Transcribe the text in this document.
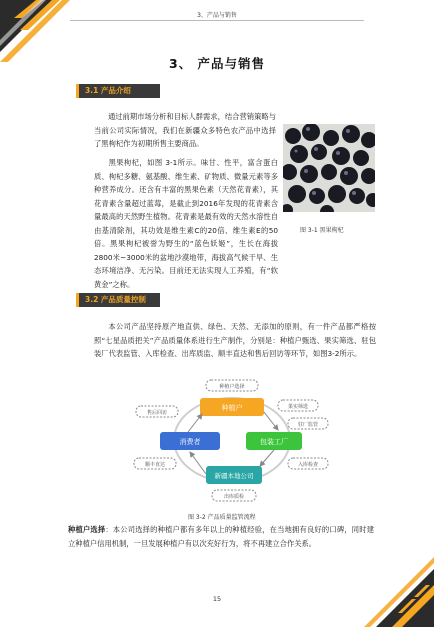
3、产品与销售
3、 产品与销售
3.1 产品介绍
通过前期市场分析和目标人群需求，结合营销策略与当前公司实际情况，我们在新疆众多特色农产品中选择了黑枸杞作为初期所售主要商品。
黑果枸杞，如图 3-1所示。味甘、性平，富含蛋白质、枸杞多糖、氨基酸、维生素、矿物质、微量元素等多种营养成分。还含有丰富的黑果色素（天然花青素），其花青素含量超过蓝莓，是截止到2016年发现的花青素含量最高的天然野生植物。花青素是最有效的天然水溶性自由基清除剂，其功效是维生素C的20倍、维生素E的50倍。黑果枸杞被誉为野生的“蓝色妖姬”，生长在海拔2800米~3000米的盆地沙漠地带，海拔高气候干旱、生态环境洁净、无污染。目前还无法实现人工养殖，有“软黄金”之称。
图 3-1 黑果枸杞
3.2 产品质量控制
本公司产品坚持原产地直供、绿色、天然、无添加的原则，有一件产品都严格按照“七星品质把关”产品质量体系进行生产制作，分别是：种植户甄选、果实筛选、驻包装厂代表监管、入库检查、出库质监、顺丰直达和售后回访等环节，如图3-2所示。
种植户
消费者	包装工厂
新疆本地公司
种植户选择
果实筛选
售后回访
驻厂监管
顺丰直达	入库检查
出库质检
图 3-2 产品质量监管流程
种植户选择：本公司选择的种植户都有多年以上的种植经验，在当地拥有良好的口碑，同时建立种植户信用机制，一旦发展种植户有以次充好行为，将不再建立合作关系。
15
